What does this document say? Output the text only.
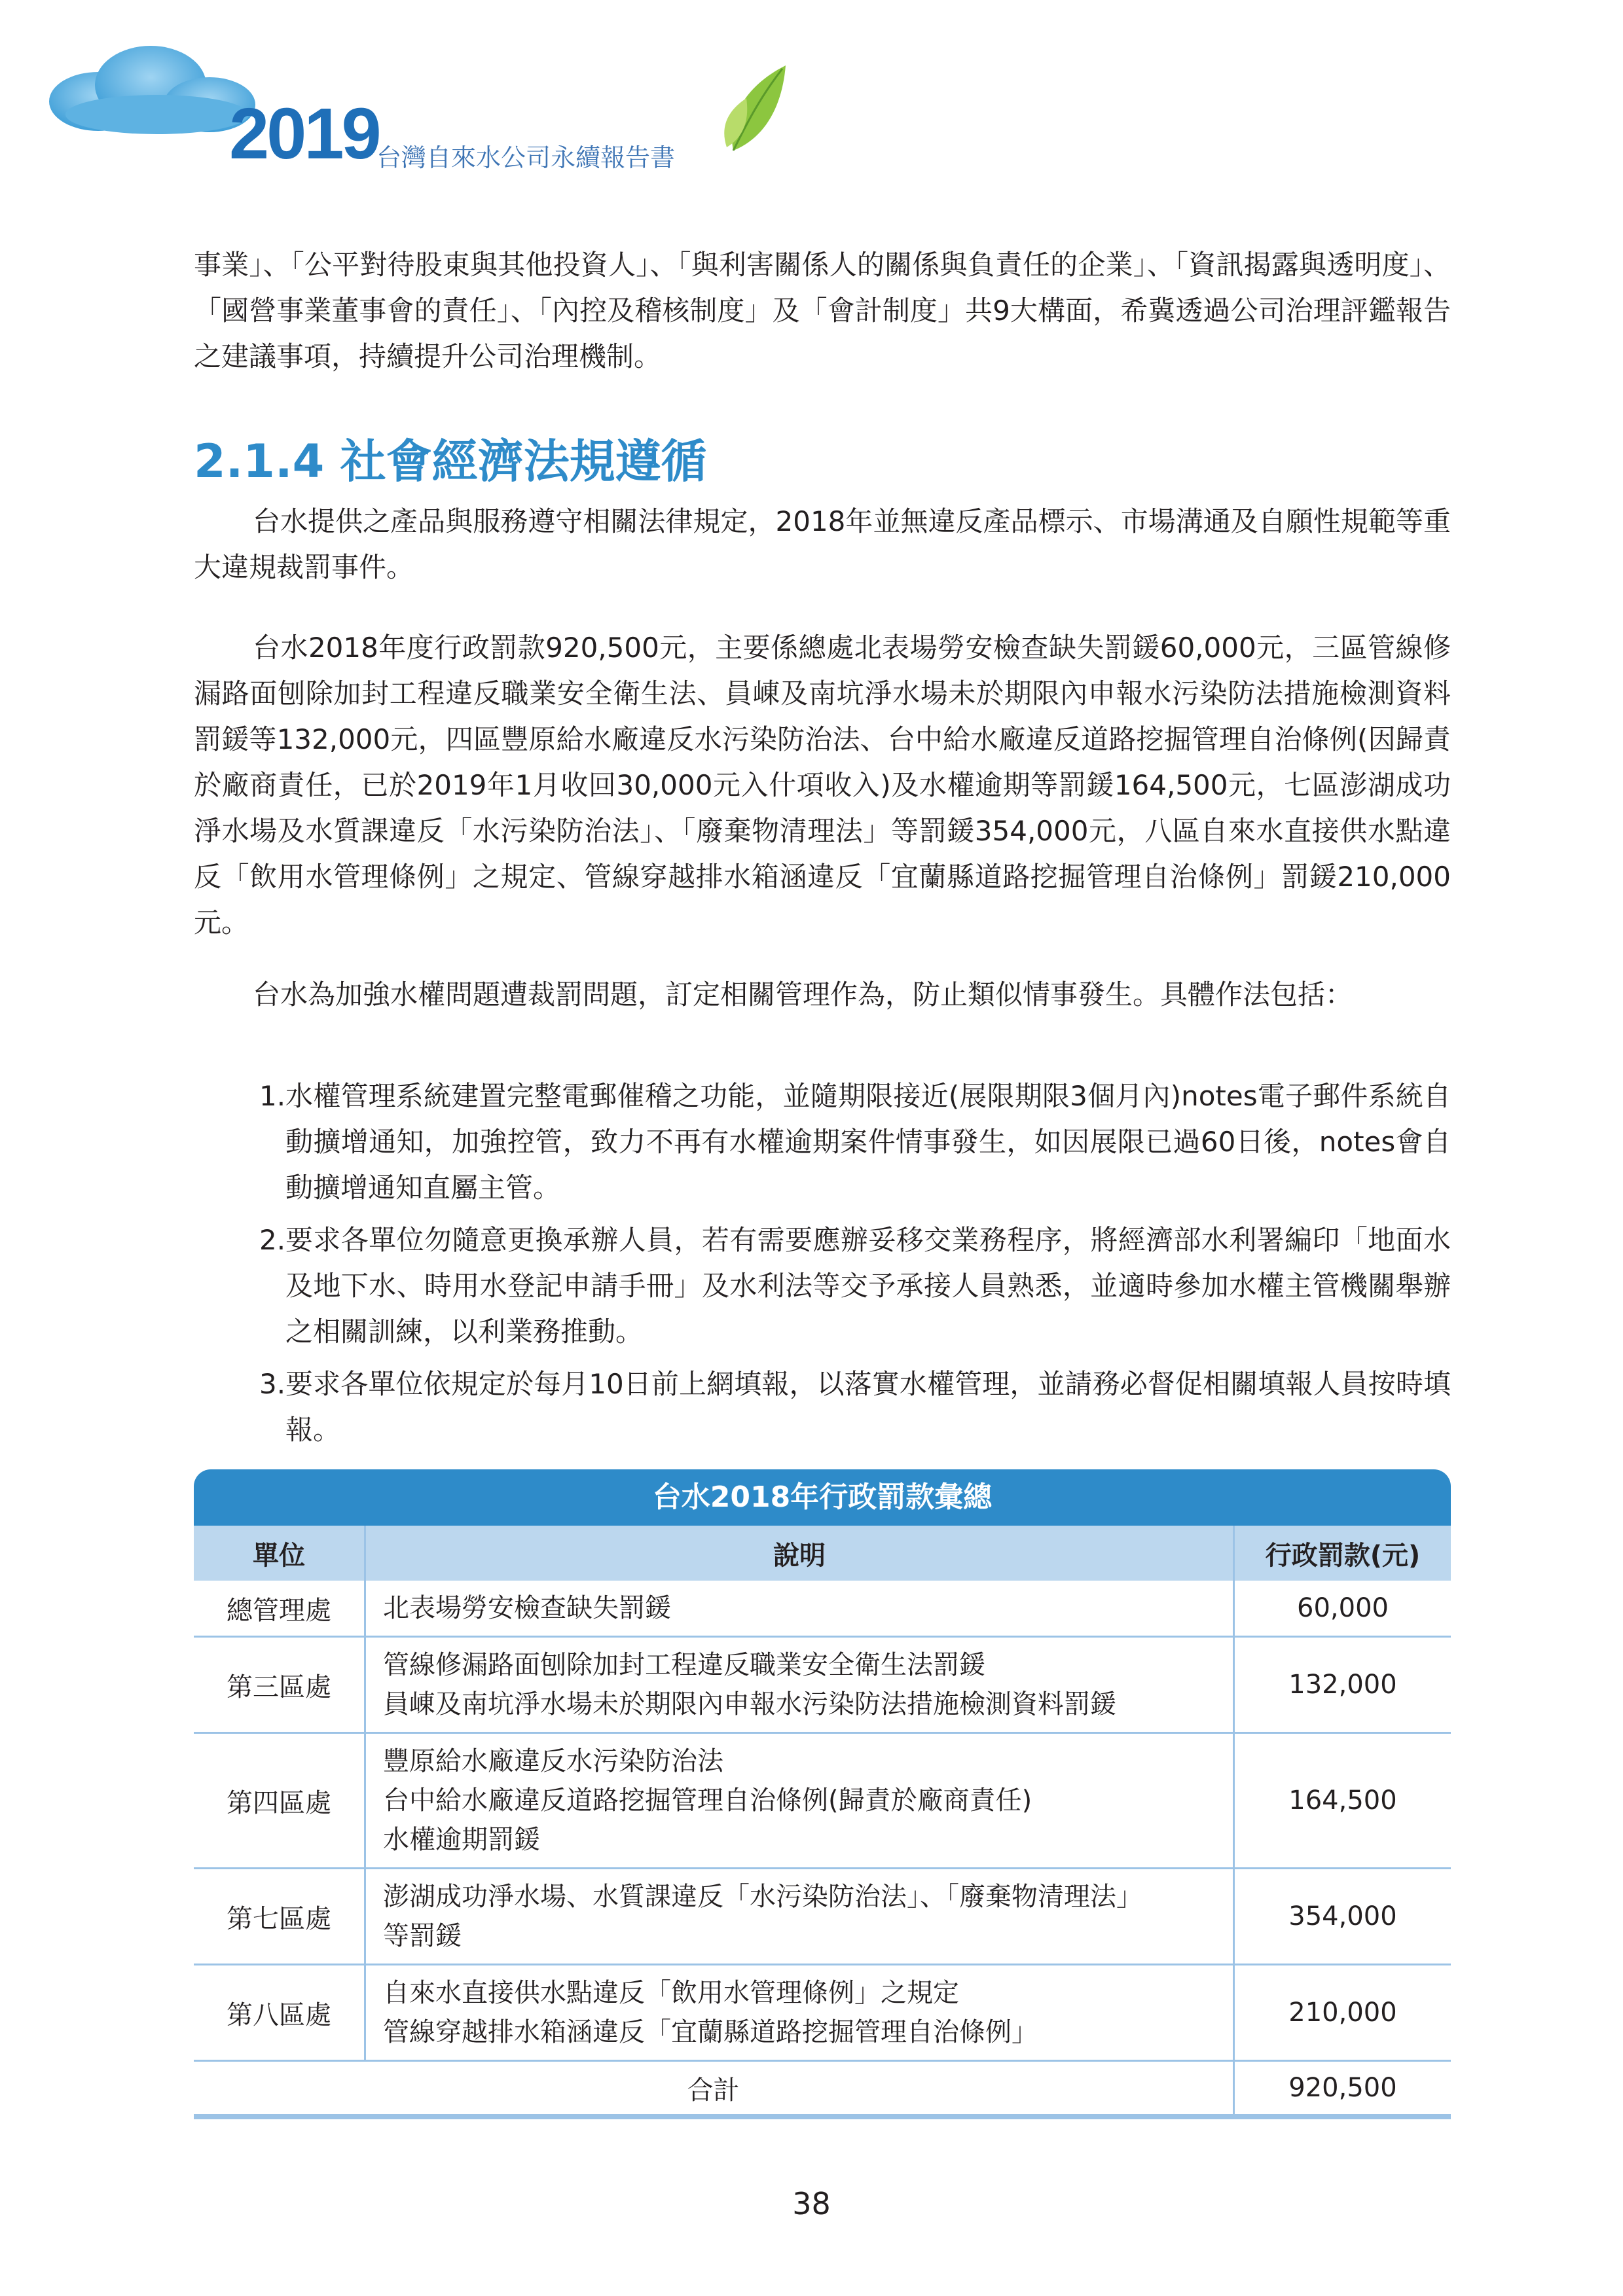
2019
台灣自來水公司永續報告書

事業」、「公平對待股東與其他投資人」、「與利害關係人的關係與負責任的企業」、「資訊揭露與透明度」、「國營事業董事會的責任」、「內控及稽核制度」及「會計制度」共9大構面，希冀透過公司治理評鑑報告之建議事項，持續提升公司治理機制。

2.1.4 社會經濟法規遵循

台水提供之產品與服務遵守相關法律規定，2018年並無違反產品標示、市場溝通及自願性規範等重大違規裁罰事件。

台水2018年度行政罰款920,500元，主要係總處北表場勞安檢查缺失罰鍰60,000元，三區管線修漏路面刨除加封工程違反職業安全衛生法、員崠及南坑淨水場未於期限內申報水污染防法措施檢測資料罰鍰等132,000元，四區豐原給水廠違反水污染防治法、台中給水廠違反道路挖掘管理自治條例(因歸責於廠商責任，已於2019年1月收回30,000元入什項收入)及水權逾期等罰鍰164,500元，七區澎湖成功淨水場及水質課違反「水污染防治法」、「廢棄物清理法」等罰鍰354,000元，八區自來水直接供水點違反「飲用水管理條例」之規定、管線穿越排水箱涵違反「宜蘭縣道路挖掘管理自治條例」罰鍰210,000元。

台水為加強水權問題遭裁罰問題，訂定相關管理作為，防止類似情事發生。具體作法包括：

1. 水權管理系統建置完整電郵催稽之功能，並隨期限接近(展限期限3個月內)notes電子郵件系統自動擴增通知，加強控管，致力不再有水權逾期案件情事發生，如因展限已過60日後，notes會自動擴增通知直屬主管。
2. 要求各單位勿隨意更換承辦人員，若有需要應辦妥移交業務程序，將經濟部水利署編印「地面水及地下水、時用水登記申請手冊」及水利法等交予承接人員熟悉，並適時參加水權主管機關舉辦之相關訓練，以利業務推動。
3. 要求各單位依規定於每月10日前上網填報，以落實水權管理，並請務必督促相關填報人員按時填報。
台水2018年行政罰款彙總
單位	說明	行政罰款(元)
總管理處	北表場勞安檢查缺失罰鍰	60,000
第三區處	管線修漏路面刨除加封工程違反職業安全衛生法罰鍰
員崠及南坑淨水場未於期限內申報水污染防法措施檢測資料罰鍰	132,000
第四區處	豐原給水廠違反水污染防治法
台中給水廠違反道路挖掘管理自治條例(歸責於廠商責任)
水權逾期罰鍰	164,500
第七區處	澎湖成功淨水場、水質課違反「水污染防治法」、「廢棄物清理法」
等罰鍰	354,000
第八區處	自來水直接供水點違反「飲用水管理條例」之規定
管線穿越排水箱涵違反「宜蘭縣道路挖掘管理自治條例」	210,000
合計		920,500
38
